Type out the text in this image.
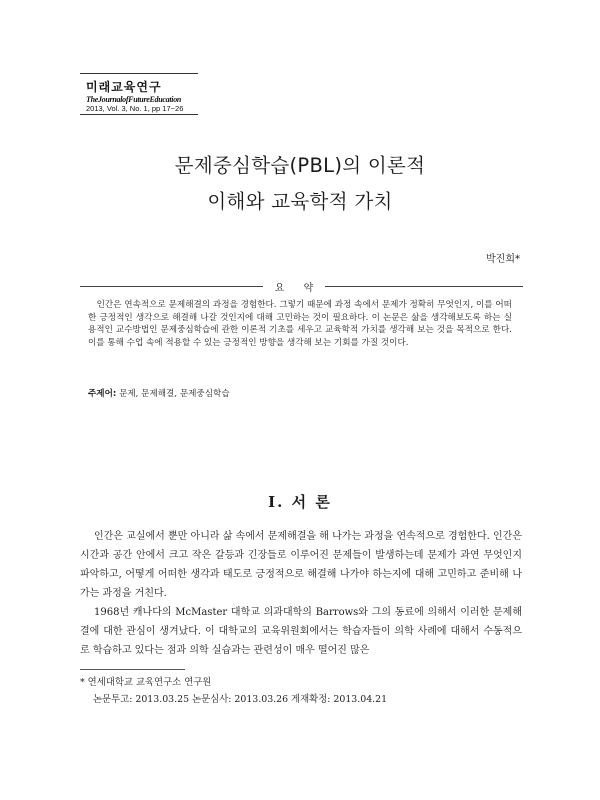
미래교육연구
TheJournalofFutureEducation
2013, Vol. 3, No. 1, pp 17~26
문제중심학습(PBL)의 이론적
이해와 교육학적 가치
박진희*
요 약
인간은 연속적으로 문제해결의 과정을 경험한다. 그렇기 때문에 과정 속에서 문제가 정확히 무엇인지, 이를 어떠한 긍정적인 생각으로 해결해 나갈 것인지에 대해 고민하는 것이 필요하다. 이 논문은 삶을 생각해보도록 하는 실용적인 교수방법인 문제중심학습에 관한 이론적 기초를 세우고 교육학적 가치를 생각해 보는 것을 목적으로 한다. 이를 통해 수업 속에 적용할 수 있는 긍정적인 방향을 생각해 보는 기회를 가질 것이다.
주제어: 문제, 문제해결, 문제중심학습
I. 서 론

인간은 교실에서 뿐만 아니라 삶 속에서 문제해결을 해 나가는 과정을 연속적으로 경험한다. 인간은 시간과 공간 안에서 크고 작은 갈등과 긴장들로 이루어진 문제들이 발생하는데 문제가 과연 무엇인지 파악하고, 어떻게 어떠한 생각과 태도로 긍정적으로 해결해 나가야 하는지에 대해 고민하고 준비해 나가는 과정을 거친다.

1968년 캐나다의 McMaster 대학교 의과대학의 Barrows와 그의 동료에 의해서 이러한 문제해결에 대한 관심이 생겨났다. 이 대학교의 교육위원회에서는 학습자들이 의학 사례에 대해서 수동적으로 학습하고 있다는 점과 의학 실습과는 관련성이 매우 떨어진 많은

* 연세대학교 교육연구소 연구원
논문투고: 2013.03.25 논문심사: 2013.03.26 게재확정: 2013.04.21
